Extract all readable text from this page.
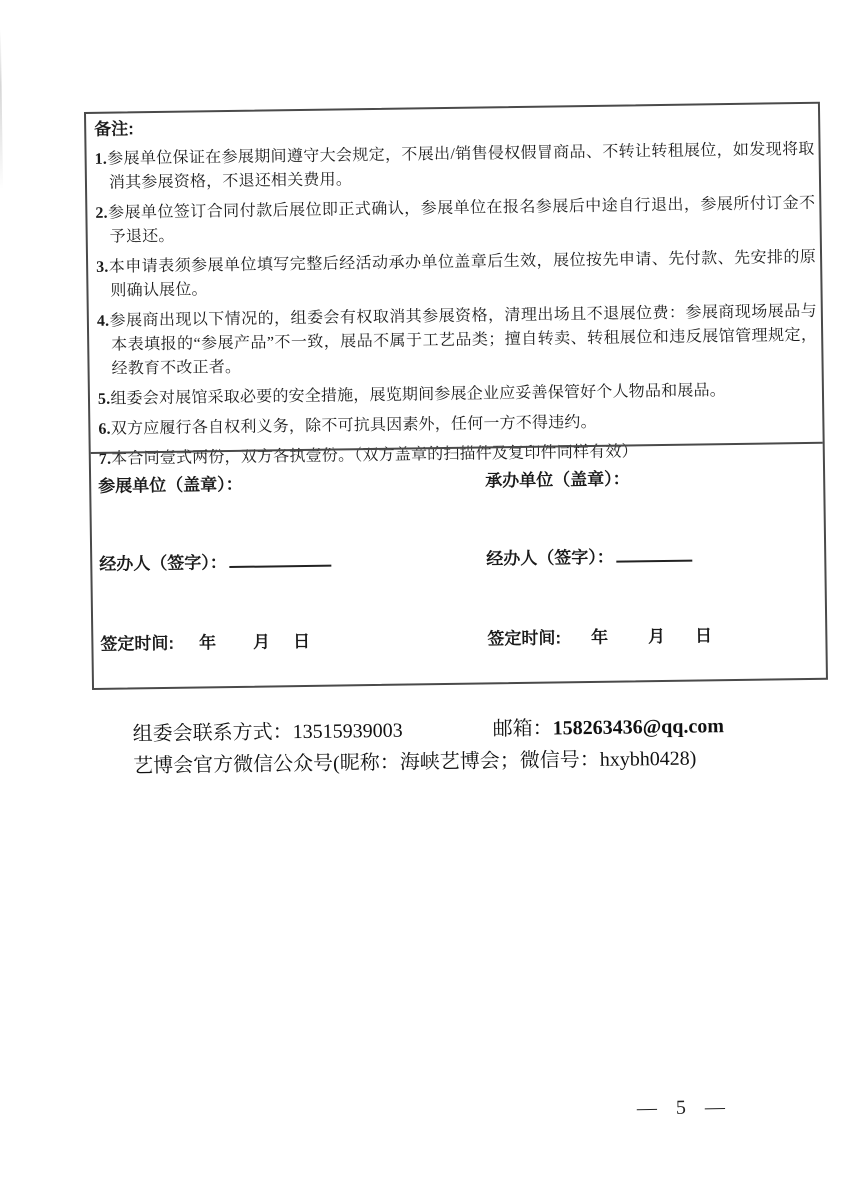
备注:
1.参展单位保证在参展期间遵守大会规定，不展出/销售侵权假冒商品、不转让转租展位，如发现将取消其参展资格，不退还相关费用。
2.参展单位签订合同付款后展位即正式确认，参展单位在报名参展后中途自行退出，参展所付订金不予退还。
3.本申请表须参展单位填写完整后经活动承办单位盖章后生效，展位按先申请、先付款、先安排的原则确认展位。
4.参展商出现以下情况的，组委会有权取消其参展资格，清理出场且不退展位费：参展商现场展品与本表填报的“参展产品”不一致，展品不属于工艺品类；擅自转卖、转租展位和违反展馆管理规定，经教育不改正者。
5.组委会对展馆采取必要的安全措施，展览期间参展企业应妥善保管好个人物品和展品。
6.双方应履行各自权利义务，除不可抗具因素外，任何一方不得违约。
7.本合同壹式两份，双方各执壹份。（双方盖章的扫描件及复印件同样有效）
参展单位（盖章）：
经办人（签字）：
签定时间: 年 月 日
承办单位（盖章）：
经办人（签字）：
签定时间: 年 月 日
组委会联系方式：13515939003	邮箱：158263436@qq.com
艺博会官方微信公众号(昵称：海峡艺博会；微信号：hxybh0428)
— 5 —
